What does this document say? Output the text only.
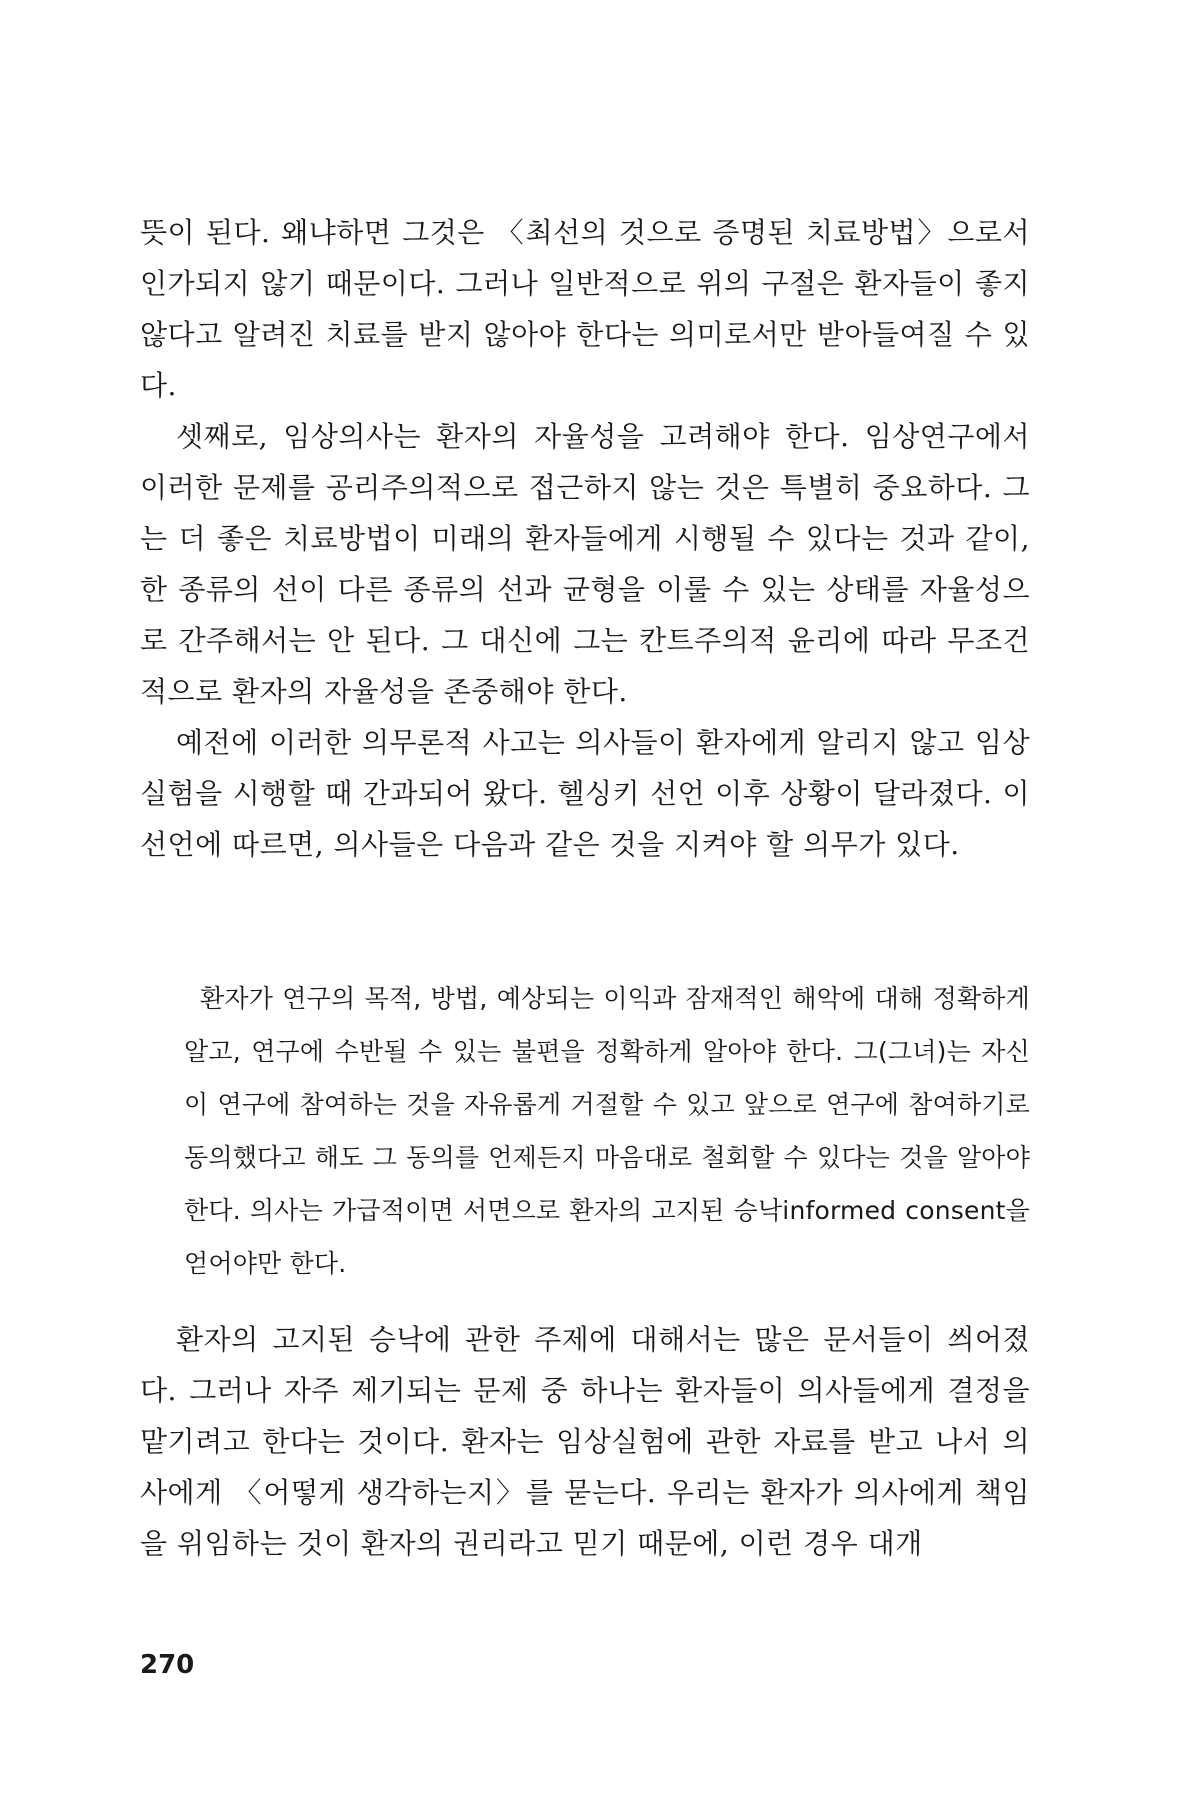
뜻이 된다. 왜냐하면 그것은 〈최선의 것으로 증명된 치료방법〉으로서 인가되지 않기 때문이다. 그러나 일반적으로 위의 구절은 환자들이 좋지 않다고 알려진 치료를 받지 않아야 한다는 의미로서만 받아들여질 수 있다.

셋째로, 임상의사는 환자의 자율성을 고려해야 한다. 임상연구에서 이러한 문제를 공리주의적으로 접근하지 않는 것은 특별히 중요하다. 그는 더 좋은 치료방법이 미래의 환자들에게 시행될 수 있다는 것과 같이, 한 종류의 선이 다른 종류의 선과 균형을 이룰 수 있는 상태를 자율성으로 간주해서는 안 된다. 그 대신에 그는 칸트주의적 윤리에 따라 무조건적으로 환자의 자율성을 존중해야 한다.

예전에 이러한 의무론적 사고는 의사들이 환자에게 알리지 않고 임상 실험을 시행할 때 간과되어 왔다. 헬싱키 선언 이후 상황이 달라졌다. 이 선언에 따르면, 의사들은 다음과 같은 것을 지켜야 할 의무가 있다.

환자가 연구의 목적, 방법, 예상되는 이익과 잠재적인 해악에 대해 정확하게 알고, 연구에 수반될 수 있는 불편을 정확하게 알아야 한다. 그(그녀)는 자신이 연구에 참여하는 것을 자유롭게 거절할 수 있고 앞으로 연구에 참여하기로 동의했다고 해도 그 동의를 언제든지 마음대로 철회할 수 있다는 것을 알아야 한다. 의사는 가급적이면 서면으로 환자의 고지된 승낙informed consent을 얻어야만 한다.

환자의 고지된 승낙에 관한 주제에 대해서는 많은 문서들이 씌어졌다. 그러나 자주 제기되는 문제 중 하나는 환자들이 의사들에게 결정을 맡기려고 한다는 것이다. 환자는 임상실험에 관한 자료를 받고 나서 의사에게 〈어떻게 생각하는지〉를 묻는다. 우리는 환자가 의사에게 책임을 위임하는 것이 환자의 권리라고 믿기 때문에, 이런 경우 대개

270
